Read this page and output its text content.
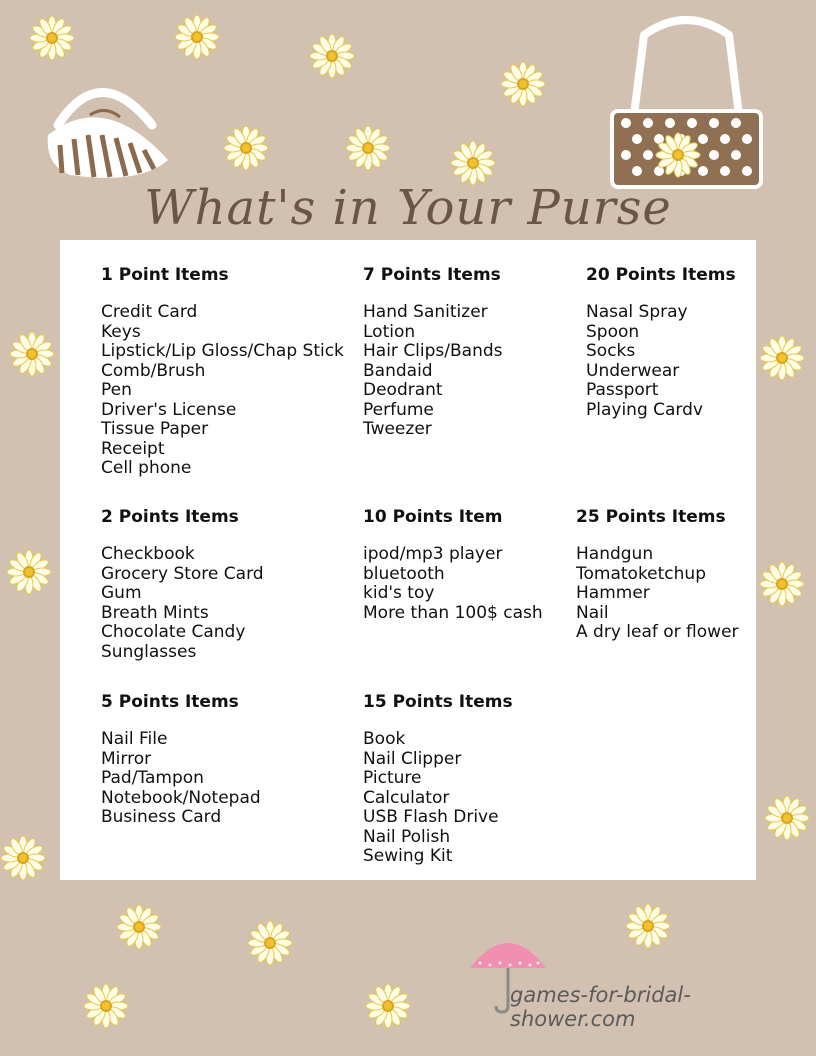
What's in Your Purse
1 Point Items
Credit Card
Keys
Lipstick/Lip Gloss/Chap Stick
Comb/Brush
Pen
Driver's License
Tissue Paper
Receipt
Cell phone
7 Points Items
Hand Sanitizer
Lotion
Hair Clips/Bands
Bandaid
Deodrant
Perfume
Tweezer
20 Points Items
Nasal Spray
Spoon
Socks
Underwear
Passport
Playing Cardv
2 Points Items
Checkbook
Grocery Store Card
Gum
Breath Mints
Chocolate Candy
Sunglasses
10 Points Item
ipod/mp3 player
bluetooth
kid's toy
More than 100$ cash
25 Points Items
Handgun
Tomatoketchup
Hammer
Nail
A dry leaf or flower
5 Points Items
Nail File
Mirror
Pad/Tampon
Notebook/Notepad
Business Card
15 Points Items
Book
Nail Clipper
Picture
Calculator
USB Flash Drive
Nail Polish
Sewing Kit
games-for-bridal-shower.com
